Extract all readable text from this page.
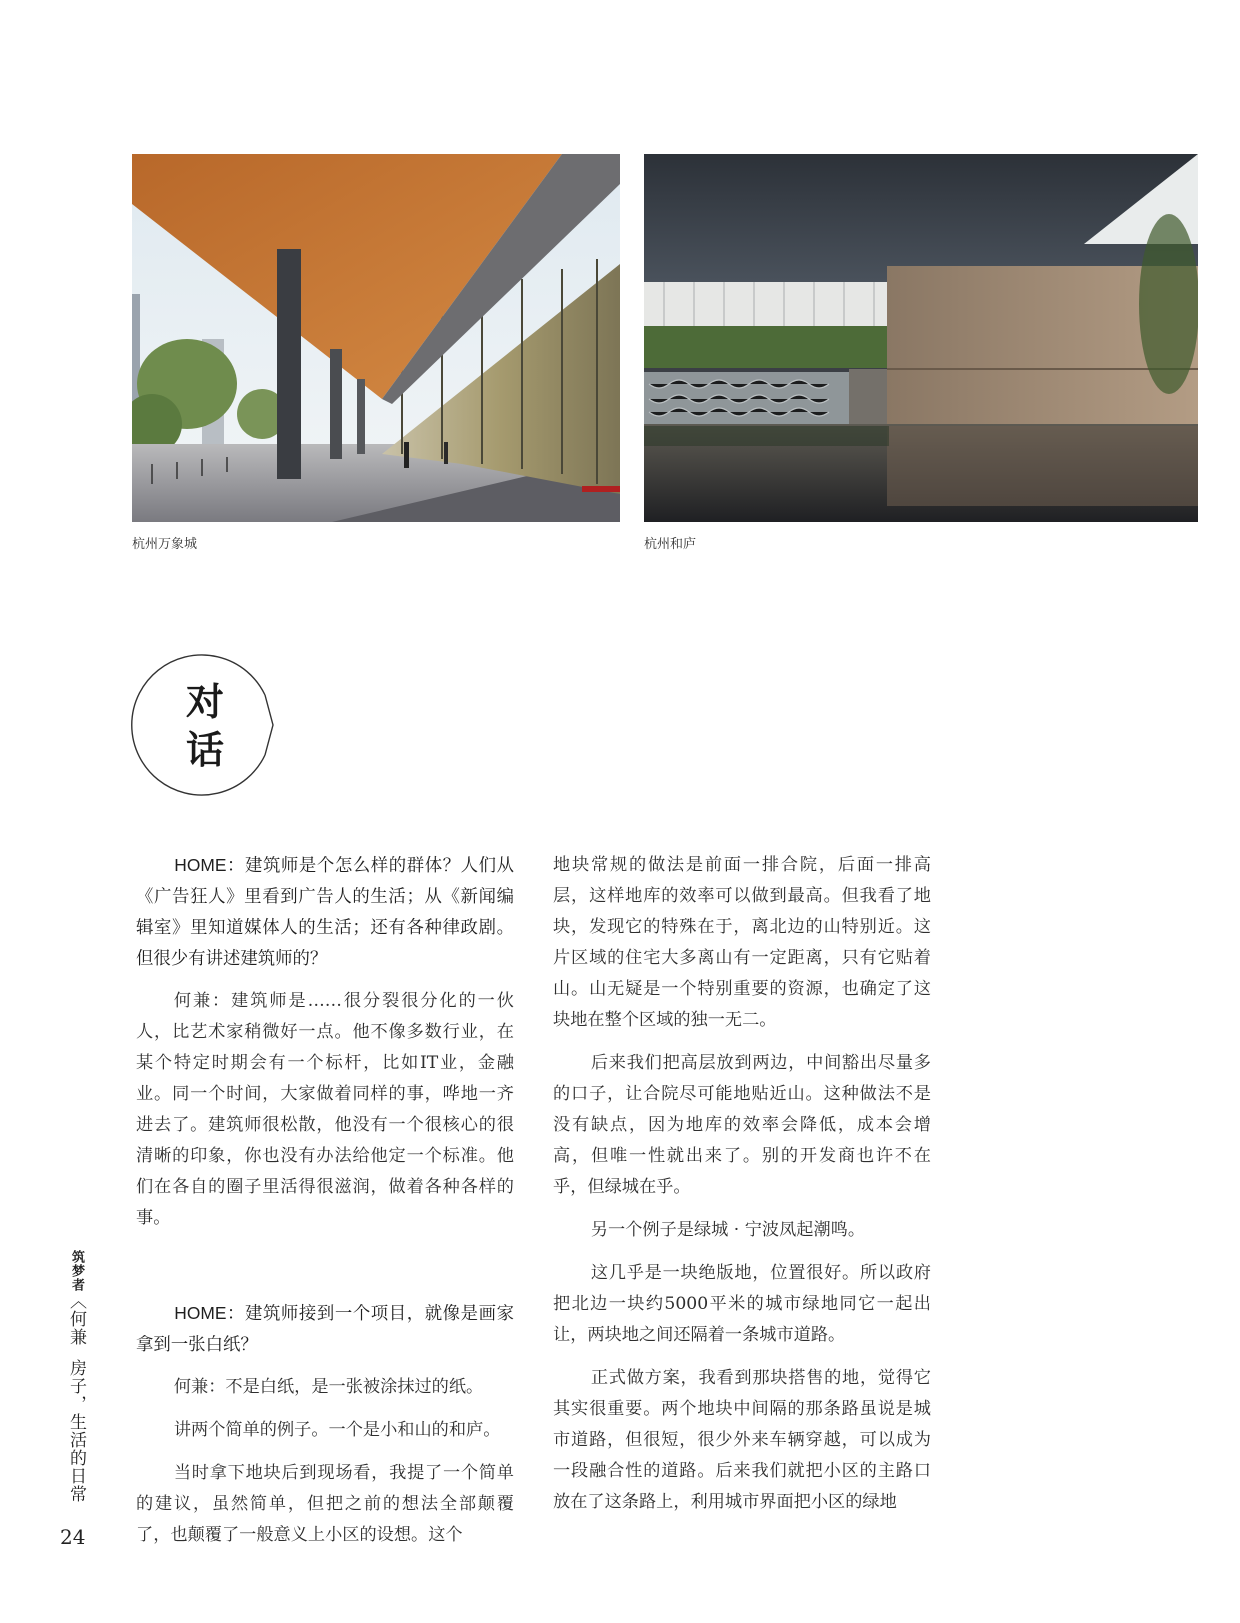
杭州万象城	杭州和庐
对
话

HOME：建筑师是个怎么样的群体？人们从《广告狂人》里看到广告人的生活；从《新闻编辑室》里知道媒体人的生活；还有各种律政剧。但很少有讲述建筑师的？

何兼：建筑师是……很分裂很分化的一伙人，比艺术家稍微好一点。他不像多数行业，在某个特定时期会有一个标杆，比如IT业，金融业。同一个时间，大家做着同样的事，哗地一齐进去了。建筑师很松散，他没有一个很核心的很清晰的印象，你也没有办法给他定一个标准。他们在各自的圈子里活得很滋润，做着各种各样的事。

HOME：建筑师接到一个项目，就像是画家拿到一张白纸？

何兼：不是白纸，是一张被涂抹过的纸。

讲两个简单的例子。一个是小和山的和庐。

当时拿下地块后到现场看，我提了一个简单的建议，虽然简单，但把之前的想法全部颠覆了，也颠覆了一般意义上小区的设想。这个

地块常规的做法是前面一排合院，后面一排高层，这样地库的效率可以做到最高。但我看了地块，发现它的特殊在于，离北边的山特别近。这片区域的住宅大多离山有一定距离，只有它贴着山。山无疑是一个特别重要的资源，也确定了这块地在整个区域的独一无二。

后来我们把高层放到两边，中间豁出尽量多的口子，让合院尽可能地贴近山。这种做法不是没有缺点，因为地库的效率会降低，成本会增高，但唯一性就出来了。别的开发商也许不在乎，但绿城在乎。

另一个例子是绿城 · 宁波凤起潮鸣。

这几乎是一块绝版地，位置很好。所以政府把北边一块约5000平米的城市绿地同它一起出让，两块地之间还隔着一条城市道路。

正式做方案，我看到那块搭售的地，觉得它其实很重要。两个地块中间隔的那条路虽说是城市道路，但很短，很少外来车辆穿越，可以成为一段融合性的道路。后来我们就把小区的主路口放在了这条路上，利用城市界面把小区的绿地

筑梦者〈何兼  房子，生活的日常
24
